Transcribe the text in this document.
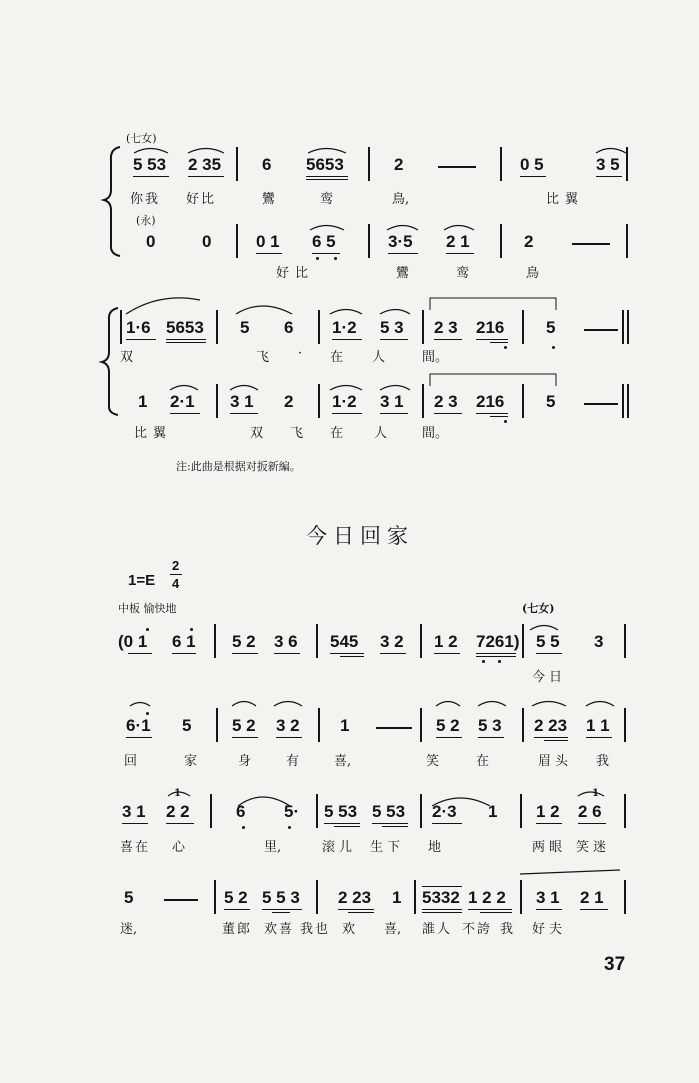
(七女)
5 53 2 35 6 5653	2	0 5	3 5
你我 好比	鸞	鸾	鳥,	比翼
(永)
0	0	0 1 6 5	3·5 2 1	2
好比	鸞	鸾	鳥
1·6 5653 5 6 1·2 5 3 2 3 216 5
双	飞 · 在 人	間。
1 2·1 3 1 2 1·2 3 1 2 3 216 5
比翼	双 飞 在 人	間。
注:此曲是根据对扳新編。
今日回家
1=E
2
4
中板 愉快地	(七女)
(0 1 6 1 5 2 3 6 545 3 2 1 2 7261) 5 5 3
今日
6·1 5 5 2 3 2 1	5 2 5 3 2 23 1 1
回	家	身	有	喜,	笑	在	眉头 我
3 1
1
2 2	6 5· 5 53 5 53 2·3 1 1 2
1
2 6
喜在 心	里,	滚儿 生下 地	两眼 笑迷
5	5 2 5 5 3 2 23 1 5332 1 2 2 3 1 2 1
迷,	董郎 欢喜 我也 欢 喜, 誰人 不誇 我 好夫
37
